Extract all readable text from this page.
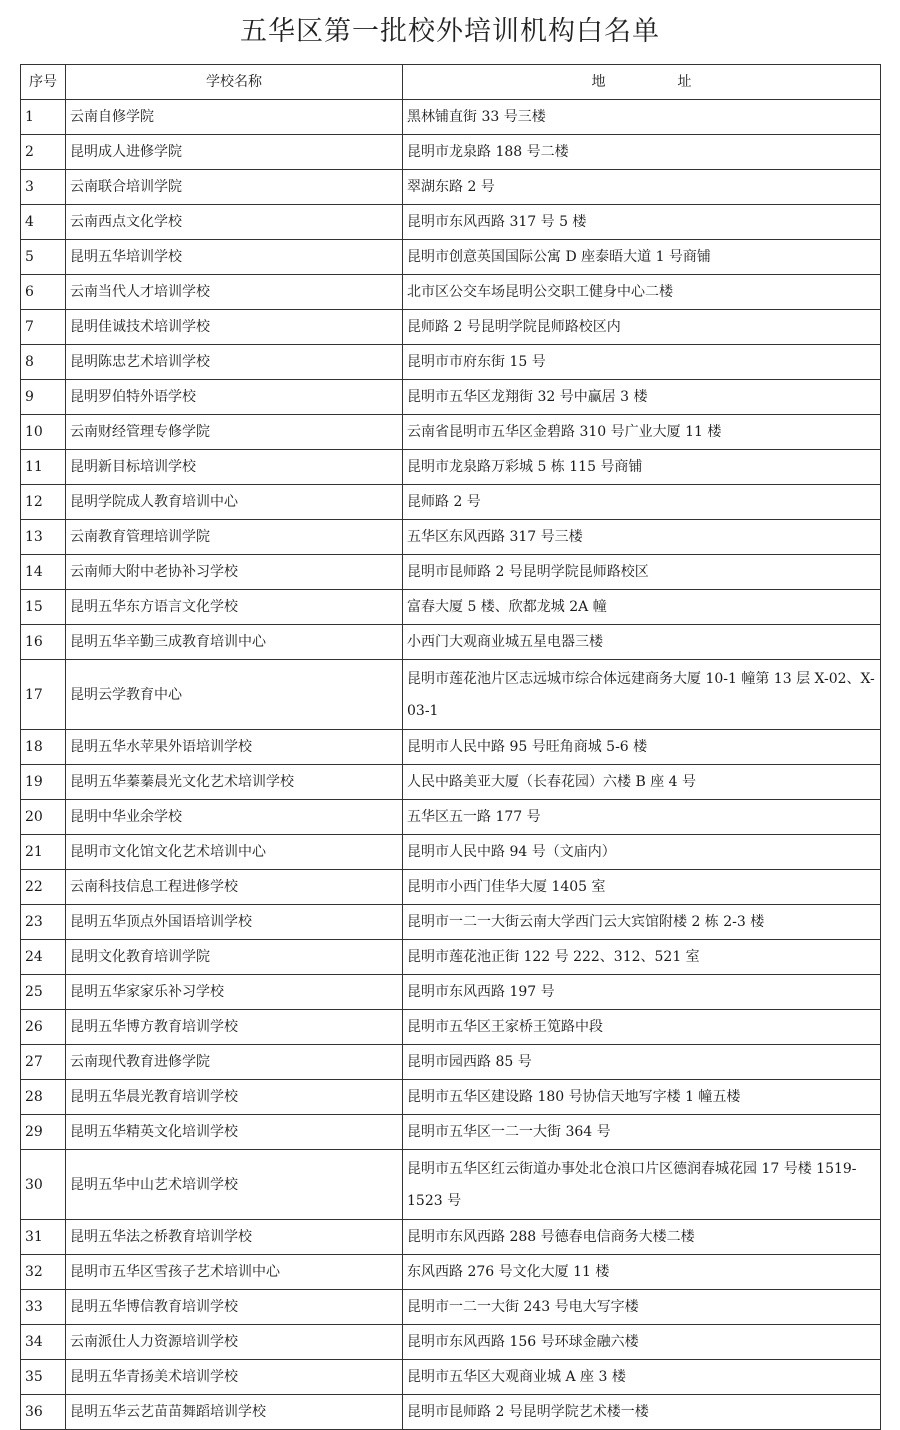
五华区第一批校外培训机构白名单
序号	学校名称	地 址
1	云南自修学院	黑林铺直街 33 号三楼
2	昆明成人进修学院	昆明市龙泉路 188 号二楼
3	云南联合培训学院	翠湖东路 2 号
4	云南西点文化学校	昆明市东风西路 317 号 5 楼
5	昆明五华培训学校	昆明市创意英国国际公寓 D 座泰晤大道 1 号商铺
6	云南当代人才培训学校	北市区公交车场昆明公交职工健身中心二楼
7	昆明佳诚技术培训学校	昆师路 2 号昆明学院昆师路校区内
8	昆明陈忠艺术培训学校	昆明市市府东街 15 号
9	昆明罗伯特外语学校	昆明市五华区龙翔街 32 号中赢居 3 楼
10	云南财经管理专修学院	云南省昆明市五华区金碧路 310 号广业大厦 11 楼
11	昆明新目标培训学校	昆明市龙泉路万彩城 5 栋 115 号商铺
12	昆明学院成人教育培训中心	昆师路 2 号
13	云南教育管理培训学院	五华区东风西路 317 号三楼
14	云南师大附中老协补习学校	昆明市昆师路 2 号昆明学院昆师路校区
15	昆明五华东方语言文化学校	富春大厦 5 楼、欣都龙城 2A 幢
16	昆明五华辛勤三成教育培训中心	小西门大观商业城五星电器三楼
17	昆明云学教育中心	昆明市莲花池片区志远城市综合体远建商务大厦 10-1 幢第 13 层 X-02、X-03-1
18	昆明五华水苹果外语培训学校	昆明市人民中路 95 号旺角商城 5-6 楼
19	昆明五华蓁蓁晨光文化艺术培训学校	人民中路美亚大厦（长春花园）六楼 B 座 4 号
20	昆明中华业余学校	五华区五一路 177 号
21	昆明市文化馆文化艺术培训中心	昆明市人民中路 94 号（文庙内）
22	云南科技信息工程进修学校	昆明市小西门佳华大厦 1405 室
23	昆明五华顶点外国语培训学校	昆明市一二一大街云南大学西门云大宾馆附楼 2 栋 2-3 楼
24	昆明文化教育培训学院	昆明市莲花池正街 122 号 222、312、521 室
25	昆明五华家家乐补习学校	昆明市东风西路 197 号
26	昆明五华博方教育培训学校	昆明市五华区王家桥王笕路中段
27	云南现代教育进修学院	昆明市园西路 85 号
28	昆明五华晨光教育培训学校	昆明市五华区建设路 180 号协信天地写字楼 1 幢五楼
29	昆明五华精英文化培训学校	昆明市五华区一二一大街 364 号
30	昆明五华中山艺术培训学校	昆明市五华区红云街道办事处北仓浪口片区德润春城花园 17 号楼 1519-1523 号
31	昆明五华法之桥教育培训学校	昆明市东风西路 288 号德春电信商务大楼二楼
32	昆明市五华区雪孩子艺术培训中心	东风西路 276 号文化大厦 11 楼
33	昆明五华博信教育培训学校	昆明市一二一大街 243 号电大写字楼
34	云南派仕人力资源培训学校	昆明市东风西路 156 号环球金融六楼
35	昆明五华青扬美术培训学校	昆明市五华区大观商业城 A 座 3 楼
36	昆明五华云艺苗苗舞蹈培训学校	昆明市昆师路 2 号昆明学院艺术楼一楼
